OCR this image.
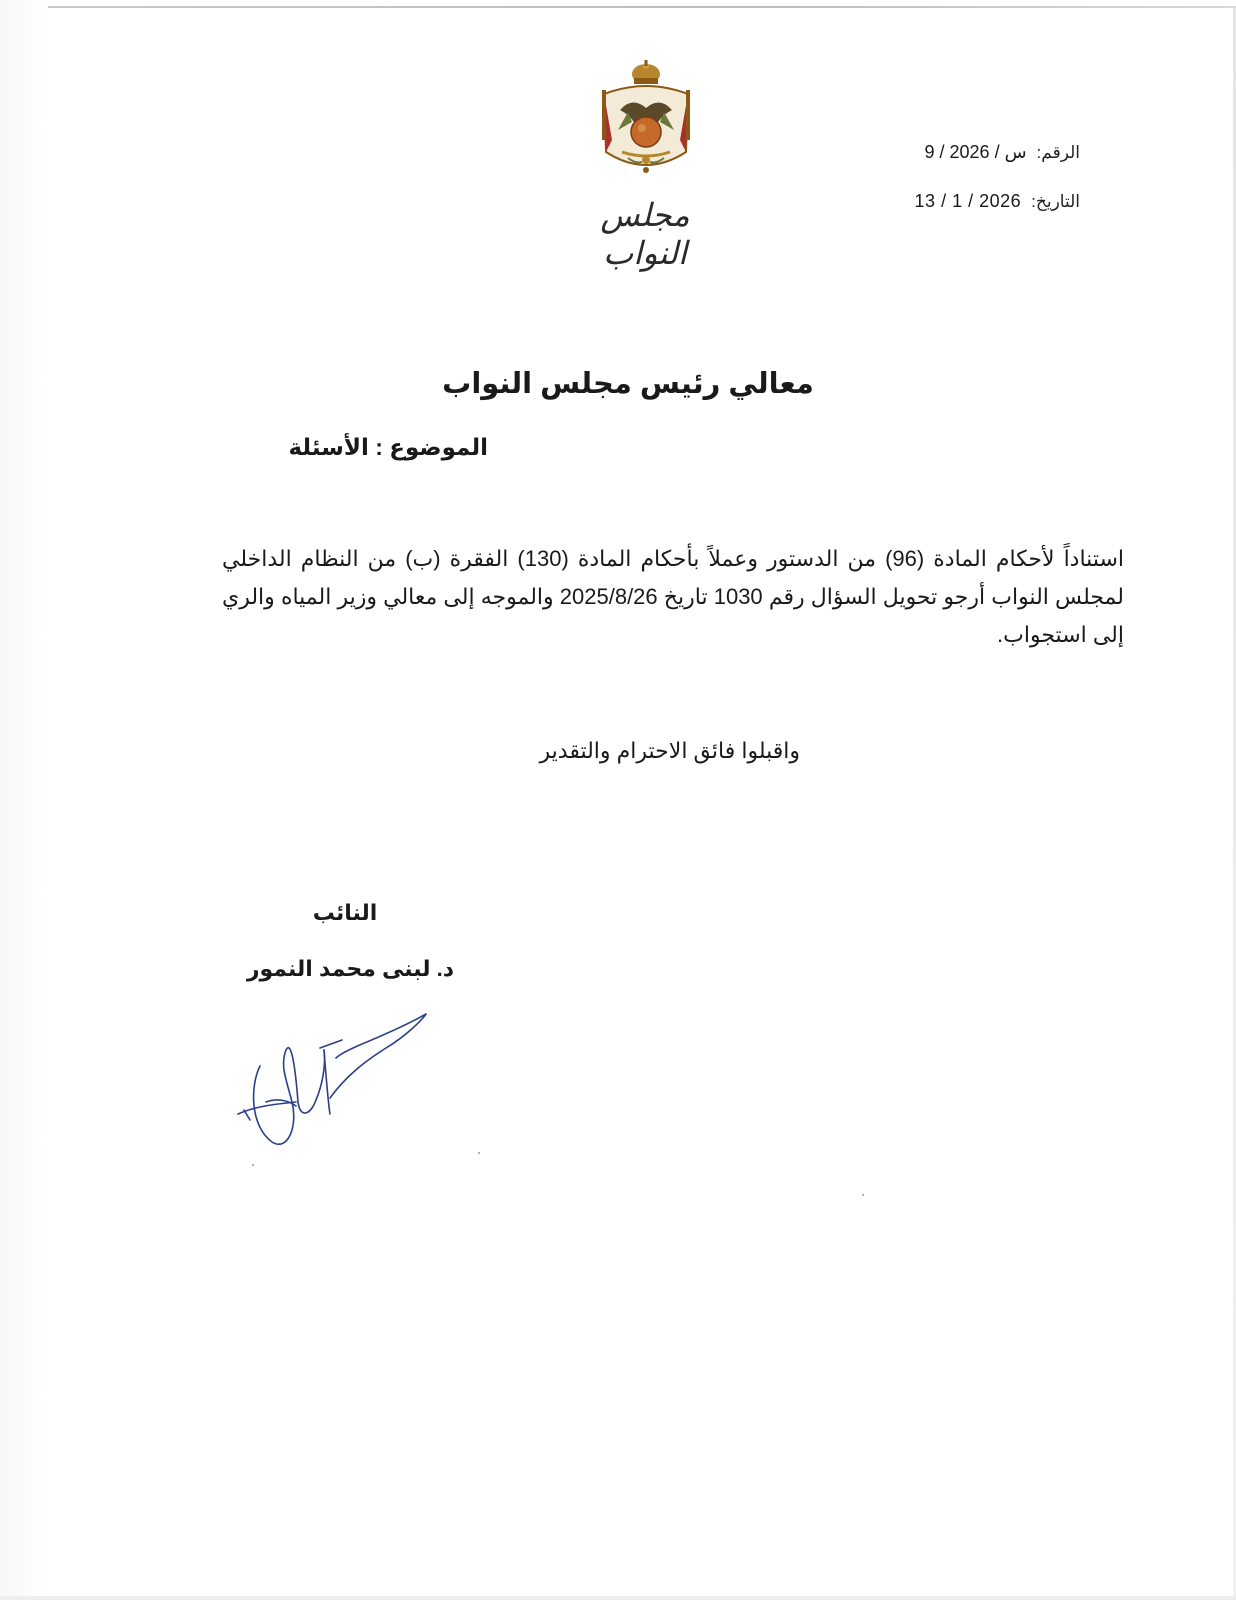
مجلس النواب
الرقم:
9 / س / 2026
التاريخ:
13 / 1 / 2026
معالي رئيس مجلس النواب
الموضوع : الأسئلة
استناداً لأحكام المادة (96) من الدستور وعملاً بأحكام المادة (130) الفقرة (ب) من النظام الداخلي لمجلس النواب أرجو تحويل السؤال رقم 1030 تاريخ 2025/8/26 والموجه إلى معالي وزير المياه والري إلى استجواب.
واقبلوا فائق الاحترام والتقدير
النائب
د. لبنى محمد النمور
